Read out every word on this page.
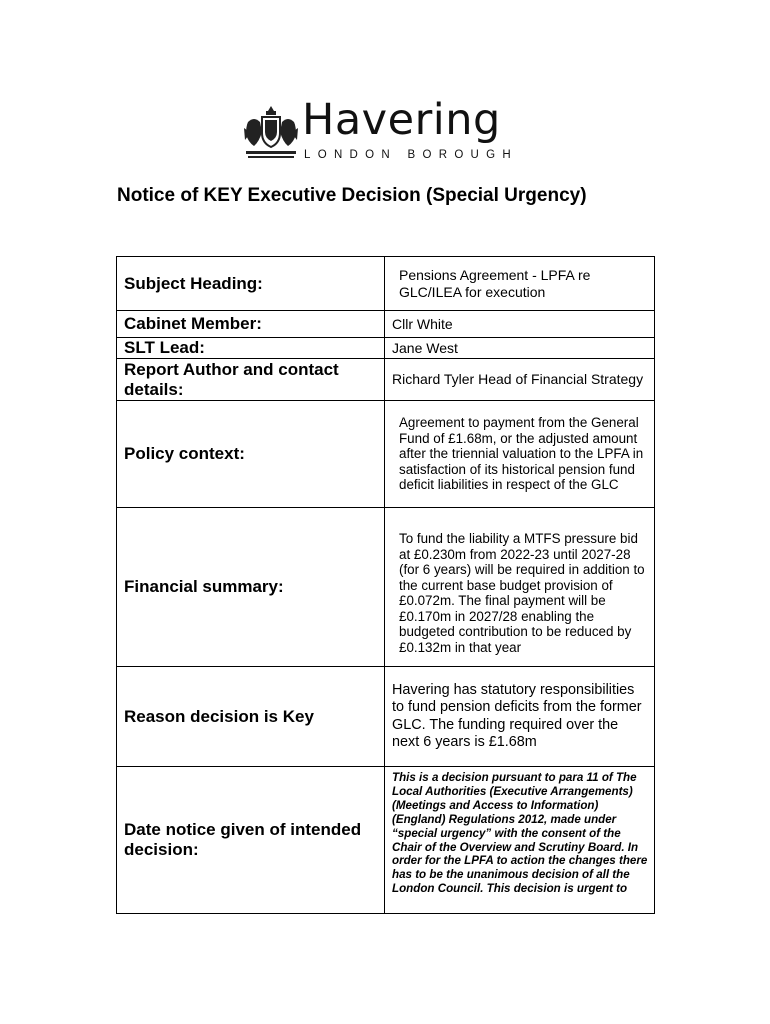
Havering
LONDON BOROUGH
Notice of KEY Executive Decision (Special Urgency)
Subject Heading:	Pensions Agreement - LPFA re GLC/ILEA for execution
Cabinet Member:	Cllr White
SLT Lead:	Jane West
Report Author and contact details:	Richard Tyler Head of Financial Strategy
Policy context:	Agreement to payment from the General Fund of £1.68m, or the adjusted amount after the triennial valuation to the LPFA in satisfaction of its historical pension fund deficit liabilities in respect of the GLC
Financial summary:	To fund the liability a MTFS pressure bid at £0.230m from 2022-23 until 2027-28 (for 6 years) will be required in addition to the current base budget provision of £0.072m. The final payment will be £0.170m in 2027/28 enabling the budgeted contribution to be reduced by £0.132m in that year
Reason decision is Key	Havering has statutory responsibilities to fund pension deficits from the former GLC. The funding required over the next 6 years is £1.68m
Date notice given of intended decision:	This is a decision pursuant to para 11 of The Local Authorities (Executive Arrangements) (Meetings and Access to Information) (England) Regulations 2012, made under “special urgency” with the consent of the Chair of the Overview and Scrutiny Board. In order for the LPFA to action the changes there has to be the unanimous decision of all the London Council. This decision is urgent to
